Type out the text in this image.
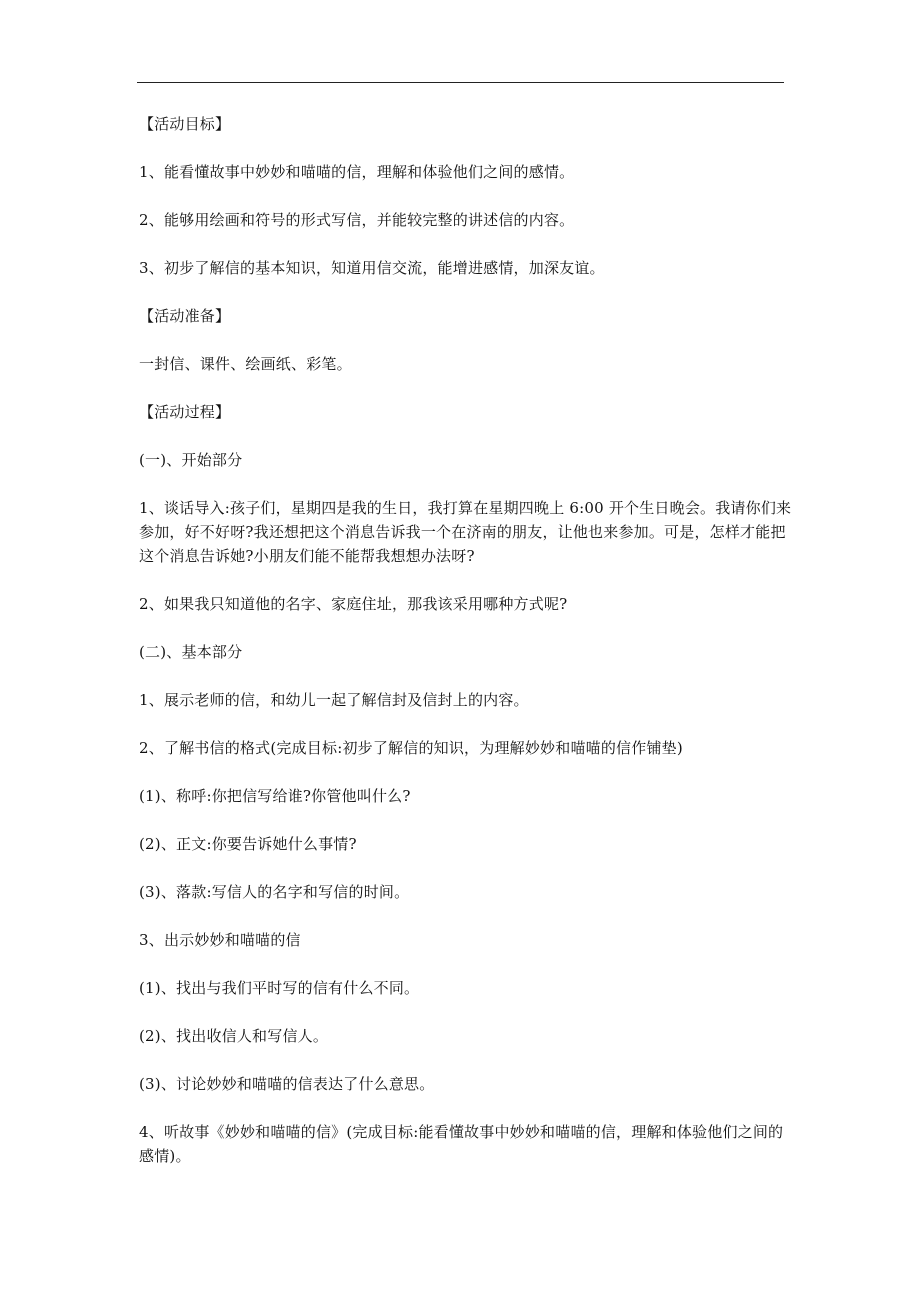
【活动目标】

1、能看懂故事中妙妙和喵喵的信，理解和体验他们之间的感情。

2、能够用绘画和符号的形式写信，并能较完整的讲述信的内容。

3、初步了解信的基本知识，知道用信交流，能增进感情，加深友谊。

【活动准备】

一封信、课件、绘画纸、彩笔。

【活动过程】

(一)、开始部分

1、谈话导入:孩子们，星期四是我的生日，我打算在星期四晚上 6:00 开个生日晚会。我请你们来参加，好不好呀?我还想把这个消息告诉我一个在济南的朋友，让他也来参加。可是，怎样才能把这个消息告诉她?小朋友们能不能帮我想想办法呀?

2、如果我只知道他的名字、家庭住址，那我该采用哪种方式呢?

(二)、基本部分

1、展示老师的信，和幼儿一起了解信封及信封上的内容。

2、了解书信的格式(完成目标:初步了解信的知识，为理解妙妙和喵喵的信作铺垫)

(1)、称呼:你把信写给谁?你管他叫什么?

(2)、正文:你要告诉她什么事情?

(3)、落款:写信人的名字和写信的时间。

3、出示妙妙和喵喵的信

(1)、找出与我们平时写的信有什么不同。

(2)、找出收信人和写信人。

(3)、讨论妙妙和喵喵的信表达了什么意思。

4、听故事《妙妙和喵喵的信》(完成目标:能看懂故事中妙妙和喵喵的信，理解和体验他们之间的感情)。
